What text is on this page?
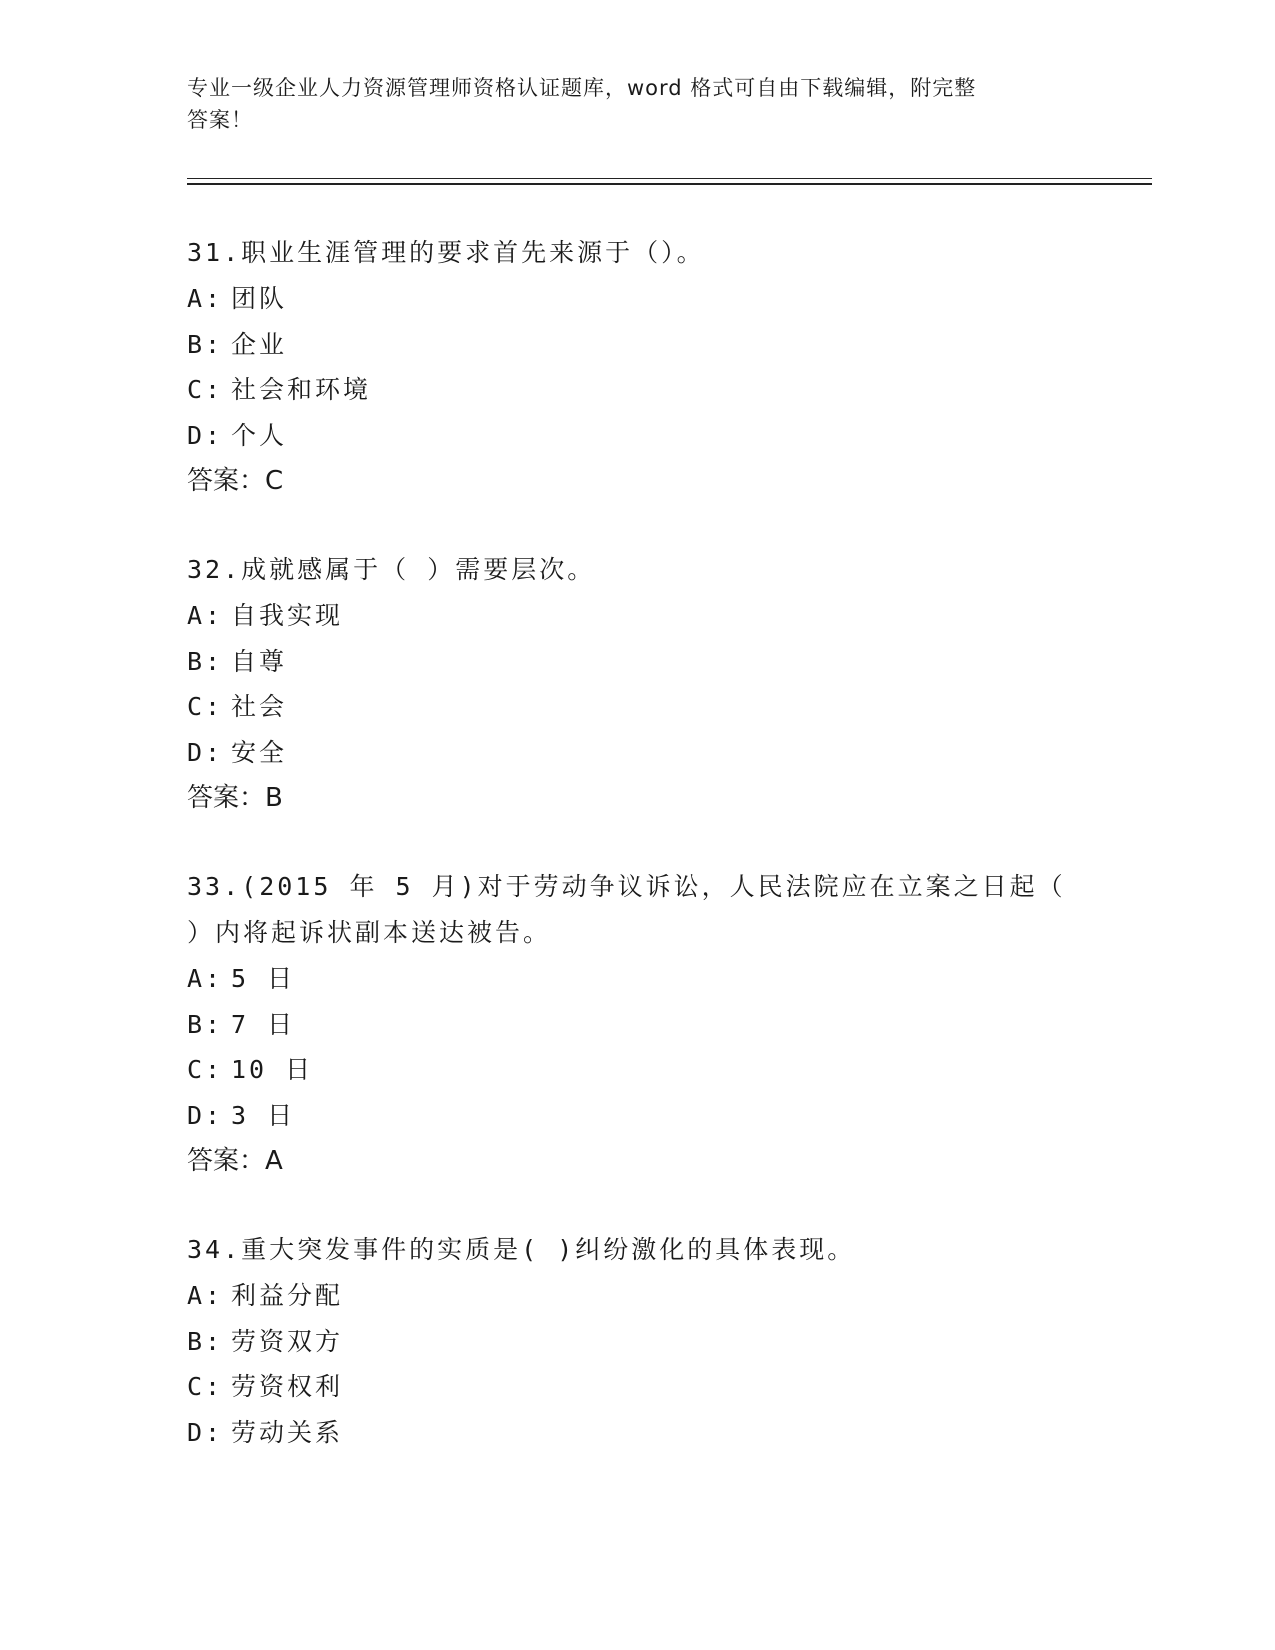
专业一级企业人力资源管理师资格认证题库，word 格式可自由下载编辑，附完整
答案！
31.职业生涯管理的要求首先来源于（）。
A: 团队
B: 企业
C: 社会和环境
D: 个人
答案：C
32.成就感属于（ ）需要层次。
A: 自我实现
B: 自尊
C: 社会
D: 安全
答案：B
33.(2015 年 5 月)对于劳动争议诉讼，人民法院应在立案之日起（
）内将起诉状副本送达被告。
A: 5 日
B: 7 日
C: 10 日
D: 3 日
答案：A
34.重大突发事件的实质是( )纠纷激化的具体表现。
A: 利益分配
B: 劳资双方
C: 劳资权利
D: 劳动关系
